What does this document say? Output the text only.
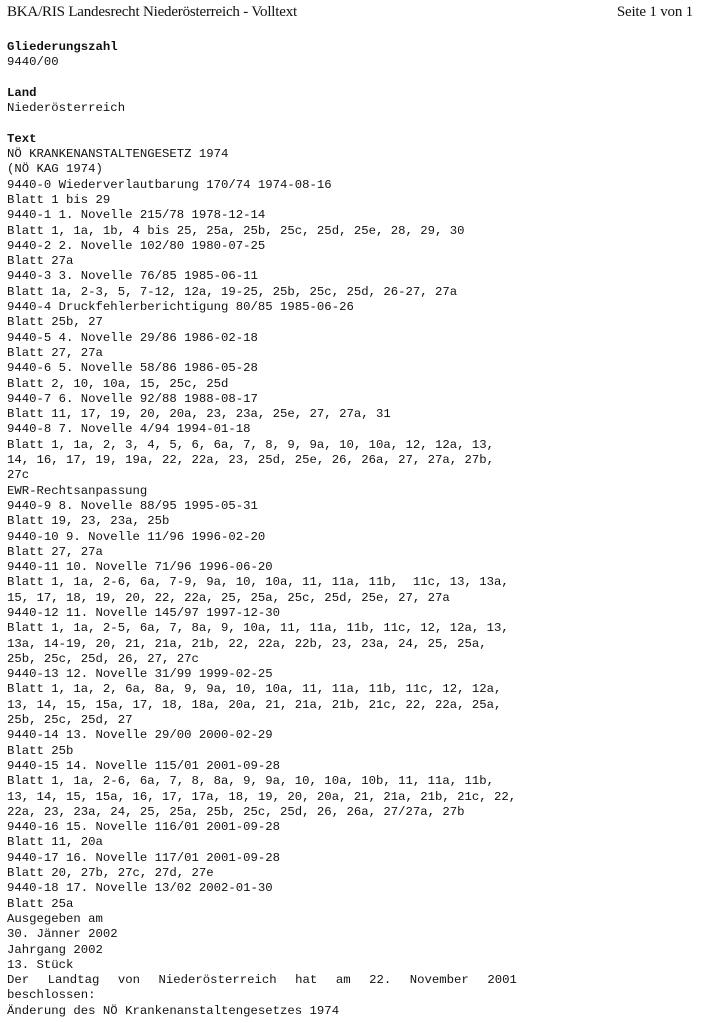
BKA/RIS Landesrecht Niederösterreich - Volltext	Seite 1 von 1
Gliederungszahl
9440/00
Land
Niederösterreich
Text
NÖ KRANKENANSTALTENGESETZ 1974
(NÖ KAG 1974)
9440-0 Wiederverlautbarung 170/74 1974-08-16
Blatt 1 bis 29
9440-1 1. Novelle 215/78 1978-12-14
Blatt 1, 1a, 1b, 4 bis 25, 25a, 25b, 25c, 25d, 25e, 28, 29, 30
9440-2 2. Novelle 102/80 1980-07-25
Blatt 27a
9440-3 3. Novelle 76/85 1985-06-11
Blatt 1a, 2-3, 5, 7-12, 12a, 19-25, 25b, 25c, 25d, 26-27, 27a
9440-4 Druckfehlerberichtigung 80/85 1985-06-26
Blatt 25b, 27
9440-5 4. Novelle 29/86 1986-02-18
Blatt 27, 27a
9440-6 5. Novelle 58/86 1986-05-28
Blatt 2, 10, 10a, 15, 25c, 25d
9440-7 6. Novelle 92/88 1988-08-17
Blatt 11, 17, 19, 20, 20a, 23, 23a, 25e, 27, 27a, 31
9440-8 7. Novelle 4/94 1994-01-18
Blatt 1, 1a, 2, 3, 4, 5, 6, 6a, 7, 8, 9, 9a, 10, 10a, 12, 12a, 13,
14, 16, 17, 19, 19a, 22, 22a, 23, 25d, 25e, 26, 26a, 27, 27a, 27b,
27c
EWR-Rechtsanpassung
9440-9 8. Novelle 88/95 1995-05-31
Blatt 19, 23, 23a, 25b
9440-10 9. Novelle 11/96 1996-02-20
Blatt 27, 27a
9440-11 10. Novelle 71/96 1996-06-20
Blatt 1, 1a, 2-6, 6a, 7-9, 9a, 10, 10a, 11, 11a, 11b,  11c, 13, 13a,
15, 17, 18, 19, 20, 22, 22a, 25, 25a, 25c, 25d, 25e, 27, 27a
9440-12 11. Novelle 145/97 1997-12-30
Blatt 1, 1a, 2-5, 6a, 7, 8a, 9, 10a, 11, 11a, 11b, 11c, 12, 12a, 13,
13a, 14-19, 20, 21, 21a, 21b, 22, 22a, 22b, 23, 23a, 24, 25, 25a,
25b, 25c, 25d, 26, 27, 27c
9440-13 12. Novelle 31/99 1999-02-25
Blatt 1, 1a, 2, 6a, 8a, 9, 9a, 10, 10a, 11, 11a, 11b, 11c, 12, 12a,
13, 14, 15, 15a, 17, 18, 18a, 20a, 21, 21a, 21b, 21c, 22, 22a, 25a,
25b, 25c, 25d, 27
9440-14 13. Novelle 29/00 2000-02-29
Blatt 25b
9440-15 14. Novelle 115/01 2001-09-28
Blatt 1, 1a, 2-6, 6a, 7, 8, 8a, 9, 9a, 10, 10a, 10b, 11, 11a, 11b,
13, 14, 15, 15a, 16, 17, 17a, 18, 19, 20, 20a, 21, 21a, 21b, 21c, 22,
22a, 23, 23a, 24, 25, 25a, 25b, 25c, 25d, 26, 26a, 27/27a, 27b
9440-16 15. Novelle 116/01 2001-09-28
Blatt 11, 20a
9440-17 16. Novelle 117/01 2001-09-28
Blatt 20, 27b, 27c, 27d, 27e
9440-18 17. Novelle 13/02 2002-01-30
Blatt 25a
Ausgegeben am
30. Jänner 2002
Jahrgang 2002
13. Stück
Der Landtag von Niederösterreich hat am 22. November 2001
beschlossen:
Änderung des NÖ Krankenanstaltengesetzes 1974
